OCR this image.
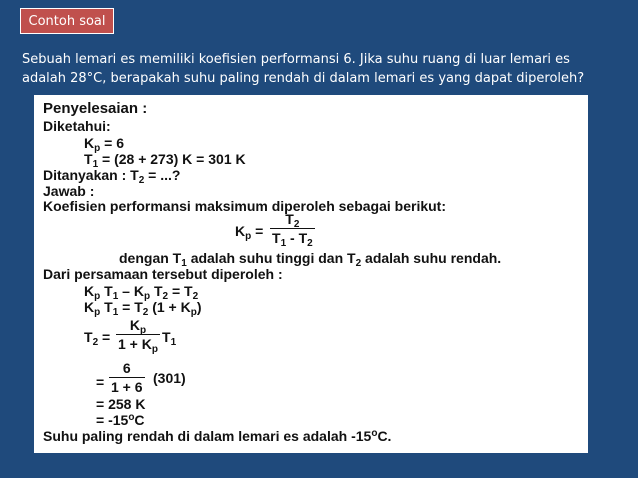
Contoh soal
Sebuah lemari es memiliki koefisien performansi 6. Jika suhu ruang di luar lemari es
adalah 28°C, berapakah suhu paling rendah di dalam lemari es yang dapat diperoleh?
Penyelesaian :
Diketahui:
$K_p = 6$
$T_1 = (28 + 273) K = 301$ K
Ditanyakan : $T_2$ = ...?
Jawab :
Koefisien performansi maksimum diperoleh sebagai berikut:
$K_p$ =
$T_2$
$T_1 - T_2$
dengan $T_1$ adalah suhu tinggi dan $T_2$ adalah suhu rendah.
Dari persamaan tersebut diperoleh :
$K_p$ $T_1 - K_p$ $T_2 = T_2$
$K_p$ $T_1 = T_2$ $(1 + K_p)$
$T_2$ =
$K_p$
$1 + K_p$
$T_1$
=
6
1 + 6
(301)
= 258 K
= $-15^oC$
Suhu paling rendah di dalam lemari es adalah -15$^o$C.
